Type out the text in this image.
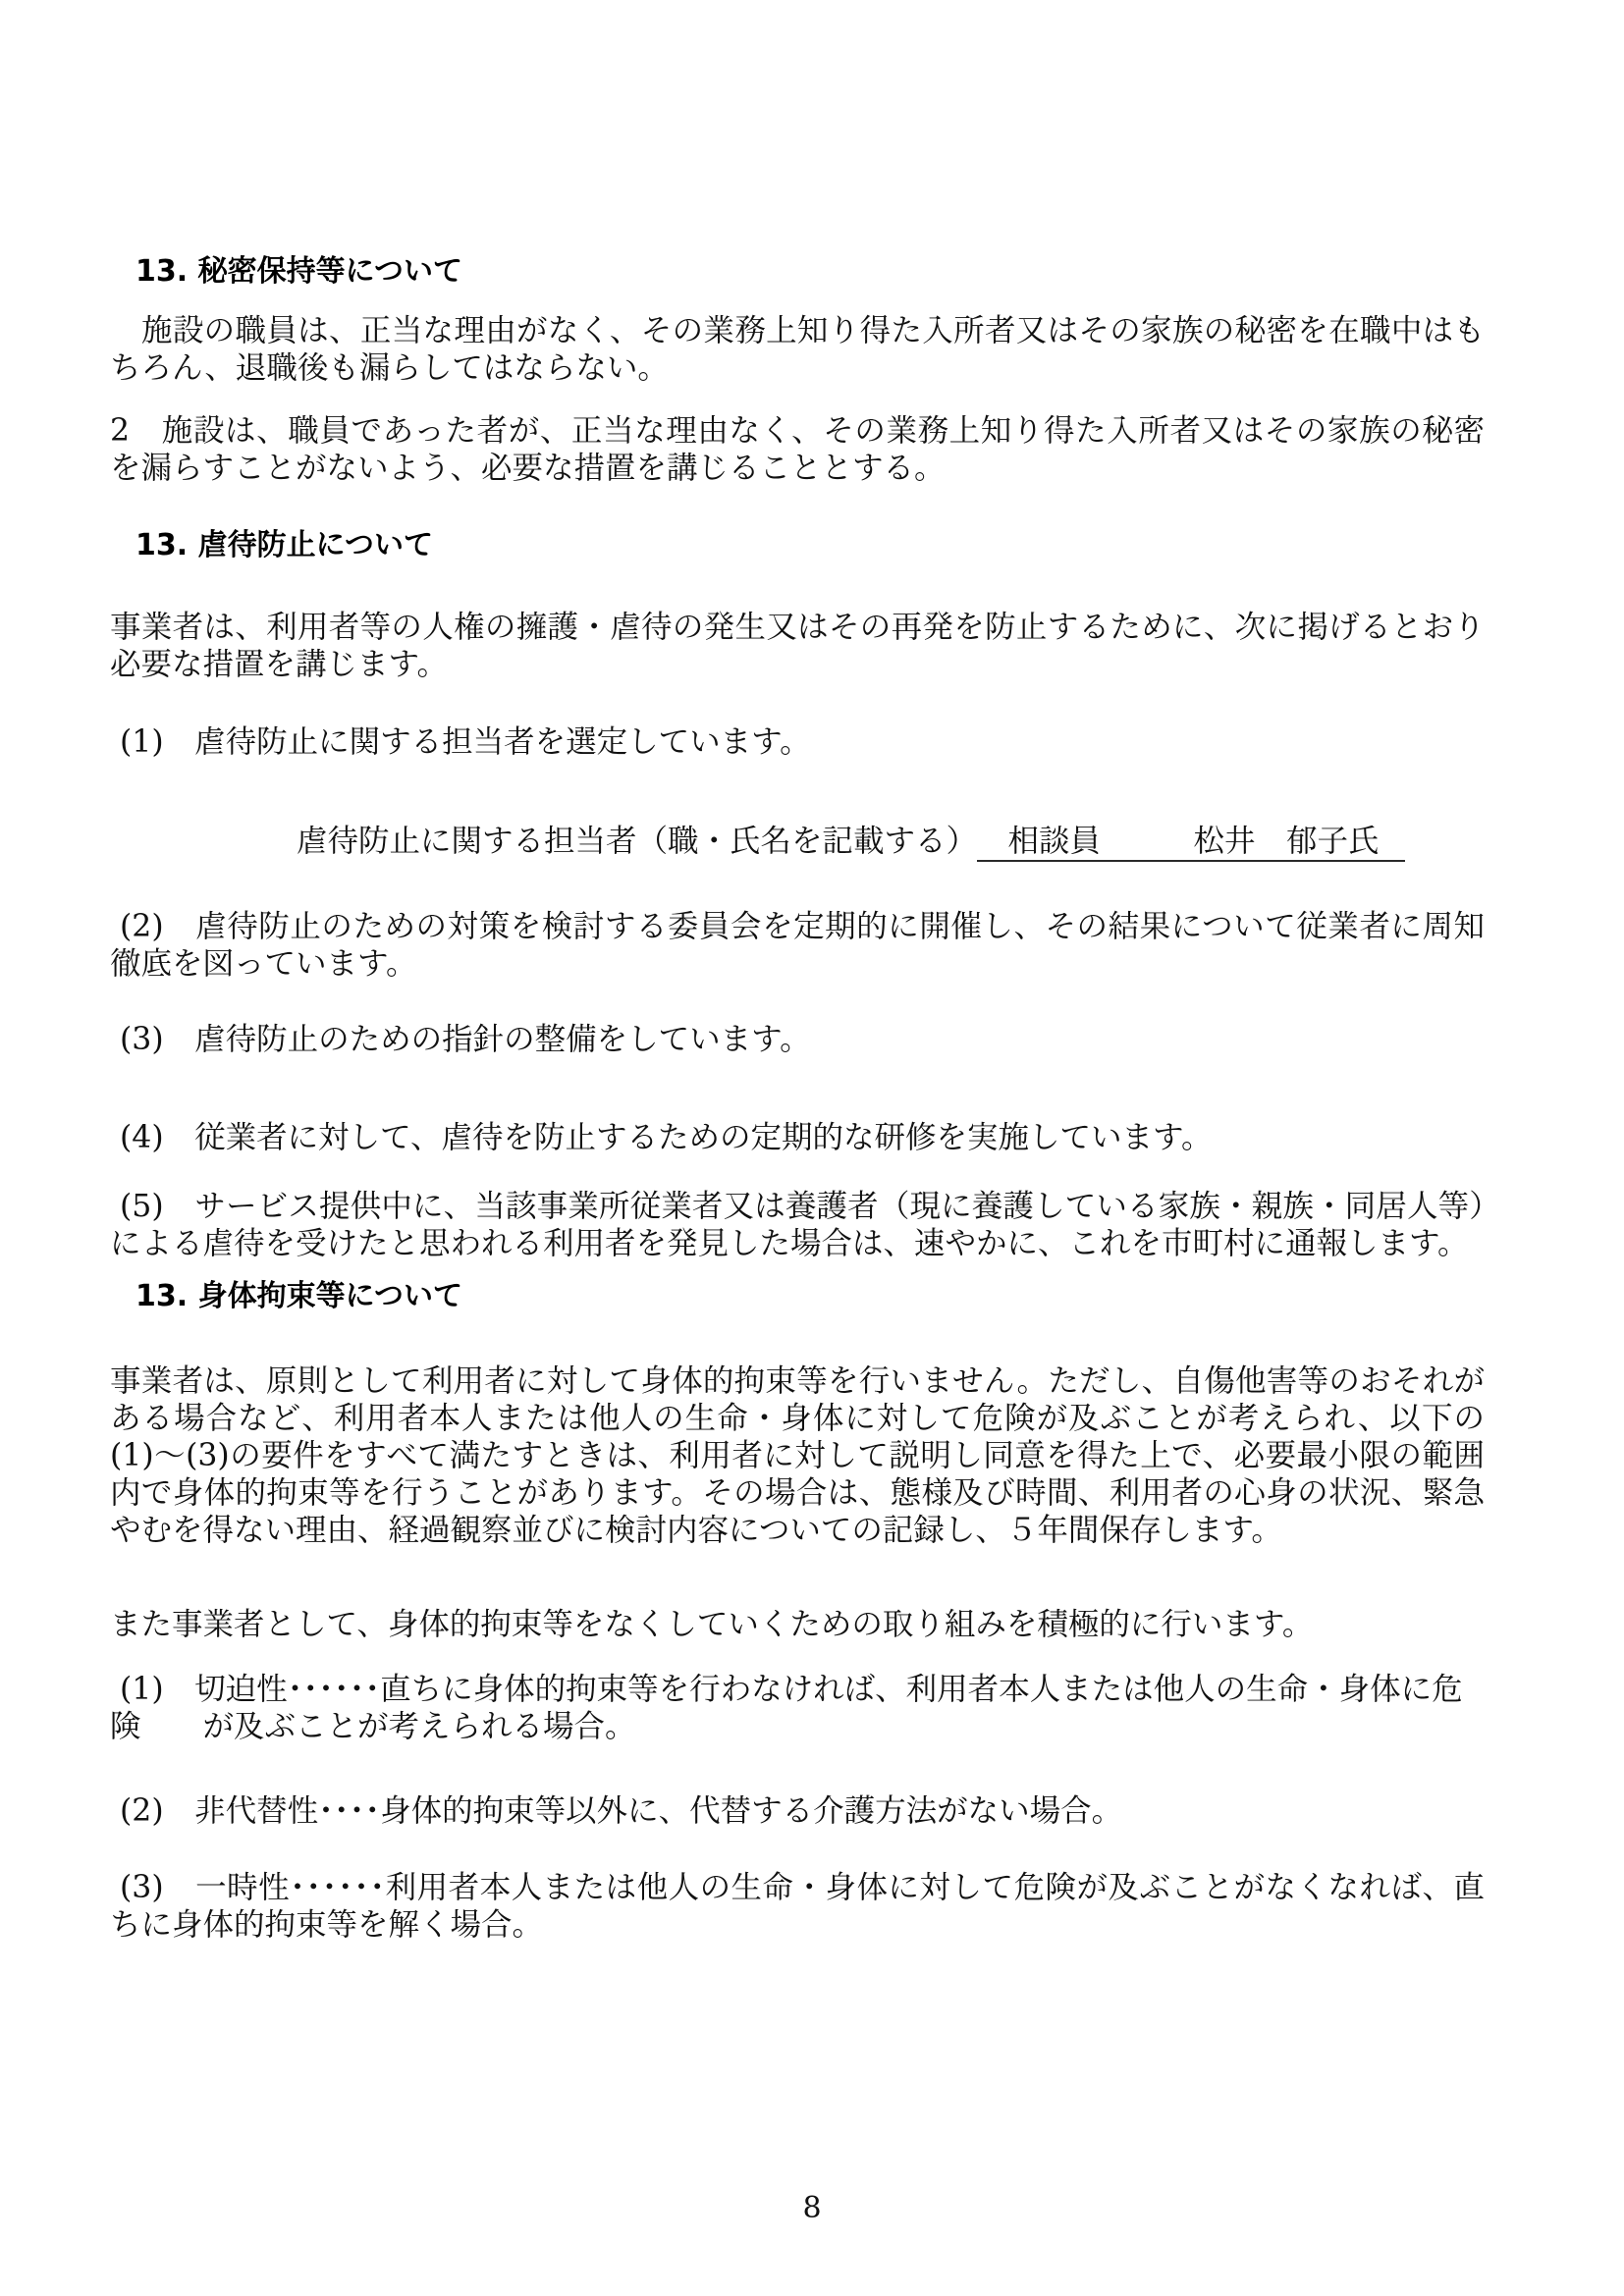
13. 秘密保持等について

施設の職員は、正当な理由がなく、その業務上知り得た入所者又はその家族の秘密を在職中はもちろん、退職後も漏らしてはならない。

2　施設は、職員であった者が、正当な理由なく、その業務上知り得た入所者又はその家族の秘密を漏らすことがないよう、必要な措置を講じることとする。

13. 虐待防止について

事業者は、利用者等の人権の擁護・虐待の発生又はその再発を防止するために、次に掲げるとおり必要な措置を講じます。

(1)　虐待防止に関する担当者を選定しています。

虐待防止に関する担当者（職・氏名を記載する） 　相談員　　　松井　郁子氏

(2)　虐待防止のための対策を検討する委員会を定期的に開催し、その結果について従業者に周知徹底を図っています。

(3)　虐待防止のための指針の整備をしています。

(4)　従業者に対して、虐待を防止するための定期的な研修を実施しています。

(5)　サービス提供中に、当該事業所従業者又は養護者（現に養護している家族・親族・同居人等）による虐待を受けたと思われる利用者を発見した場合は、速やかに、これを市町村に通報します。

13. 身体拘束等について

事業者は、原則として利用者に対して身体的拘束等を行いません。ただし、自傷他害等のおそれがある場合など、利用者本人または他人の生命・身体に対して危険が及ぶことが考えられ、以下の(1)～(3)の要件をすべて満たすときは、利用者に対して説明し同意を得た上で、必要最小限の範囲内で身体的拘束等を行うことがあります。その場合は、態様及び時間、利用者の心身の状況、緊急やむを得ない理由、経過観察並びに検討内容についての記録し、５年間保存します。

また事業者として、身体的拘束等をなくしていくための取り組みを積極的に行います。

(1)　切迫性･･････直ちに身体的拘束等を行わなければ、利用者本人または他人の生命・身体に危

険　　が及ぶことが考えられる場合。

(2)　非代替性････身体的拘束等以外に、代替する介護方法がない場合。

(3)　一時性･･････利用者本人または他人の生命・身体に対して危険が及ぶことがなくなれば、直ちに身体的拘束等を解く場合。

8
